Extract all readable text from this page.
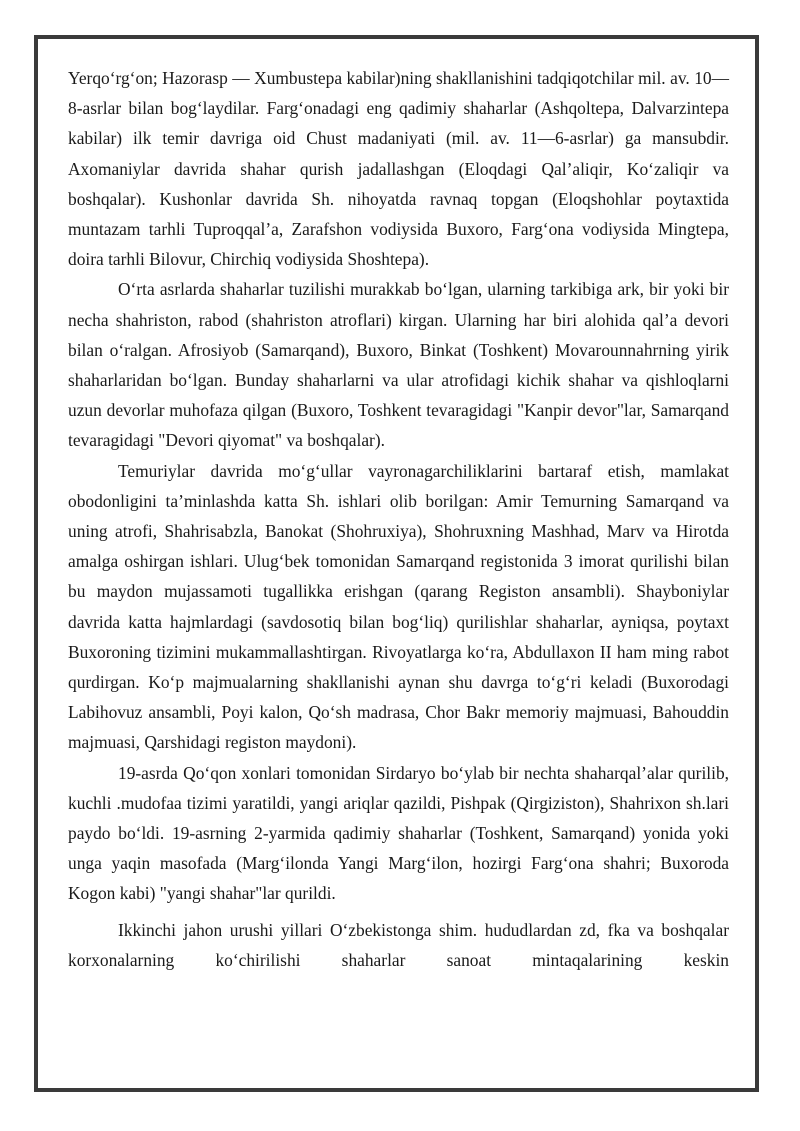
Yerqo‘rg‘on; Hazorasp — Xumbustepa kabilar)ning shakllanishini tadqiqotchilar mil. av. 10—8-asrlar bilan bog‘laydilar. Farg‘onadagi eng qadimiy shaharlar (Ashqoltepa, Dalvarzintepa kabilar) ilk temir davriga oid Chust madaniyati (mil. av. 11—6-asrlar) ga mansubdir. Axomaniylar davrida shahar qurish jadallashgan (Eloqdagi Qal’aliqir, Ko‘zaliqir va boshqalar). Kushonlar davrida Sh. nihoyatda ravnaq topgan (Eloqshohlar poytaxtida muntazam tarhli Tuproqqal’a, Zarafshon vodiysida Buxoro, Farg‘ona vodiysida Mingtepa, doira tarhli Bilovur, Chirchiq vodiysida Shoshtepa).

O‘rta asrlarda shaharlar tuzilishi murakkab bo‘lgan, ularning tarkibiga ark, bir yoki bir necha shahriston, rabod (shahriston atroflari) kirgan. Ularning har biri alohida qal’a devori bilan o‘ralgan. Afrosiyob (Samarqand), Buxoro, Binkat (Toshkent) Movarounnahrning yirik shaharlaridan bo‘lgan. Bunday shaharlarni va ular atrofidagi kichik shahar va qishloqlarni uzun devorlar muhofaza qilgan (Buxoro, Toshkent tevaragidagi "Kanpir devor"lar, Samarqand tevaragidagi "Devori qiyomat" va boshqalar).

Temuriylar davrida mo‘g‘ullar vayronagarchiliklarini bartaraf etish, mamlakat obodonligini ta’minlashda katta Sh. ishlari olib borilgan: Amir Temurning Samarqand va uning atrofi, Shahrisabzla, Banokat (Shohruxiya), Shohruxning Mashhad, Marv va Hirotda amalga oshirgan ishlari. Ulug‘bek tomonidan Samarqand registonida 3 imorat qurilishi bilan bu maydon mujassamoti tugallikka erishgan (qarang Registon ansambli). Shayboniylar davrida katta hajmlardagi (savdosotiq bilan bog‘liq) qurilishlar shaharlar, ayniqsa, poytaxt Buxoroning tizimini mukammallashtirgan. Rivoyatlarga ko‘ra, Abdullaxon II ham ming rabot qurdirgan. Ko‘p majmualarning shakllanishi aynan shu davrga to‘g‘ri keladi (Buxorodagi Labihovuz ansambli, Poyi kalon, Qo‘sh madrasa, Chor Bakr memoriy majmuasi, Bahouddin majmuasi, Qarshidagi registon maydoni).

19-asrda Qo‘qon xonlari tomonidan Sirdaryo bo‘ylab bir nechta shaharqal’alar qurilib, kuchli .mudofaa tizimi yaratildi, yangi ariqlar qazildi, Pishpak (Qirgiziston), Shahrixon sh.lari paydo bo‘ldi. 19-asrning 2-yarmida qadimiy shaharlar (Toshkent, Samarqand) yonida yoki unga yaqin masofada (Marg‘ilonda Yangi Marg‘ilon, hozirgi Farg‘ona shahri; Buxoroda Kogon kabi) "yangi shahar"lar qurildi.

Ikkinchi jahon urushi yillari O‘zbekistonga shim. hududlardan zd, fka va boshqalar korxonalarning ko‘chirilishi shaharlar sanoat mintaqalarining keskin
